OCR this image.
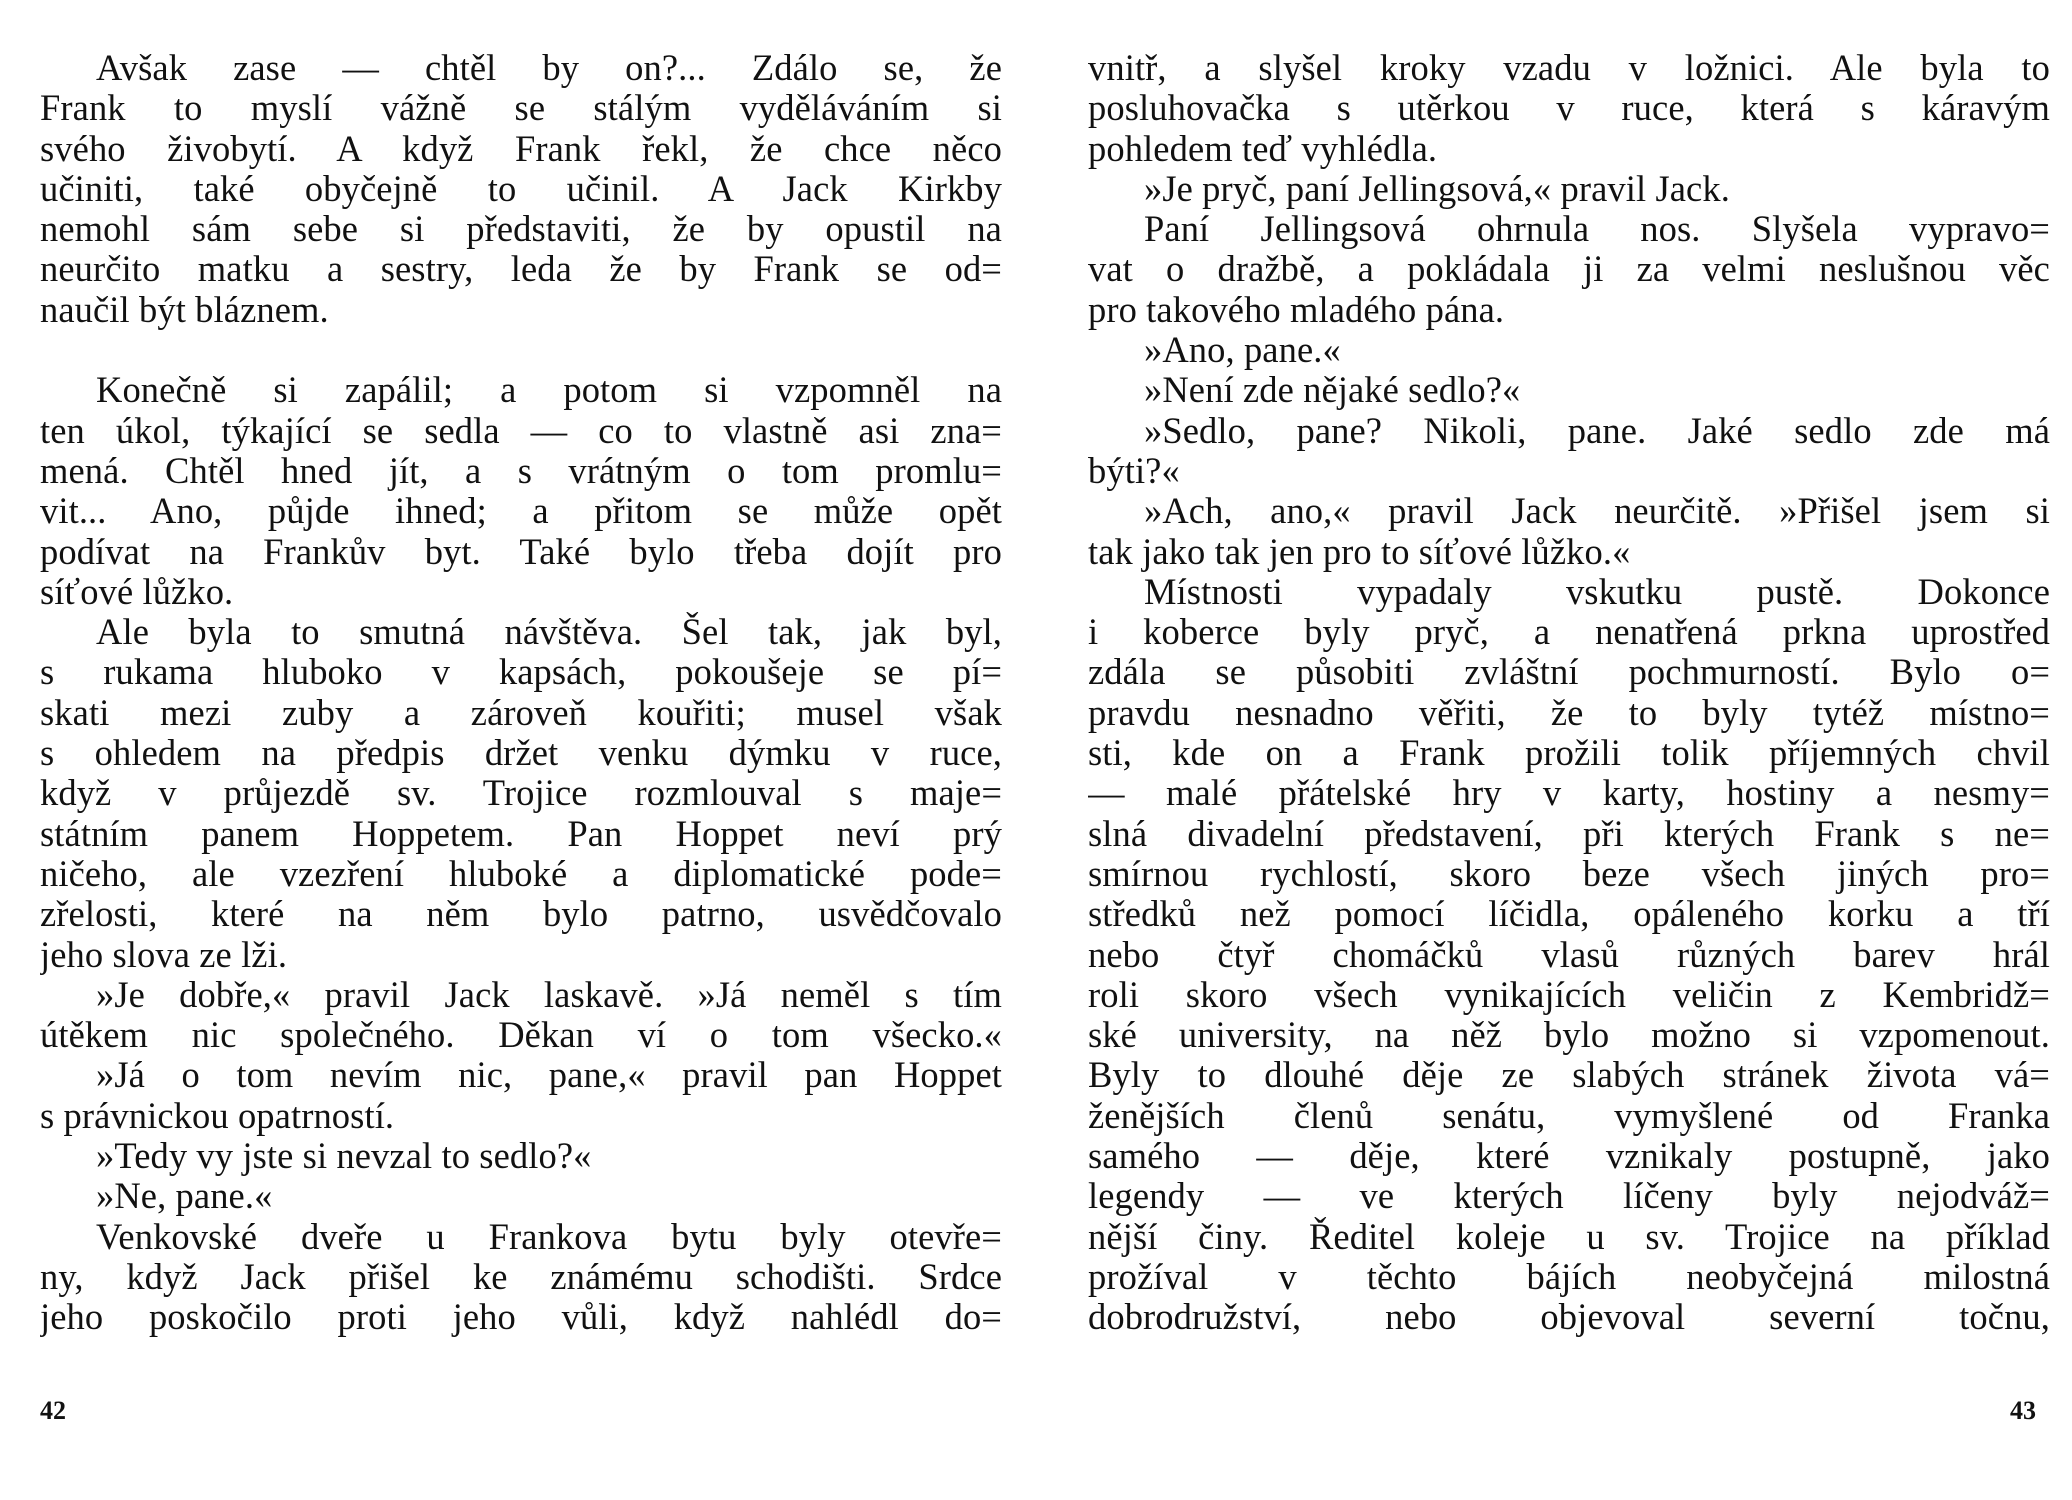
Avšak zase — chtěl by on?... Zdálo se, že
Frank to myslí vážně se stálým vyděláváním si
svého živobytí. A když Frank řekl, že chce něco
učiniti, také obyčejně to učinil. A Jack Kirkby
nemohl sám sebe si představiti, že by opustil na
neurčito matku a sestry, leda že by Frank se od=
naučil být bláznem.
Konečně si zapálil; a potom si vzpomněl na
ten úkol, týkající se sedla — co to vlastně asi zna=
mená. Chtěl hned jít, a s vrátným o tom promlu=
vit... Ano, půjde ihned; a přitom se může opět
podívat na Frankův byt. Také bylo třeba dojít pro
síťové lůžko.
Ale byla to smutná návštěva. Šel tak, jak byl,
s rukama hluboko v kapsách, pokoušeje se pí=
skati mezi zuby a zároveň kouřiti; musel však
s ohledem na předpis držet venku dýmku v ruce,
když v průjezdě sv. Trojice rozmlouval s maje=
státním panem Hoppetem. Pan Hoppet neví prý
ničeho, ale vzezření hluboké a diplomatické pode=
zřelosti, které na něm bylo patrno, usvědčovalo
jeho slova ze lži.
»Je dobře,« pravil Jack laskavě. »Já neměl s tím
útěkem nic společného. Děkan ví o tom všecko.«
»Já o tom nevím nic, pane,« pravil pan Hoppet
s právnickou opatrností.
»Tedy vy jste si nevzal to sedlo?«
»Ne, pane.«
Venkovské dveře u Frankova bytu byly otevře=
ny, když Jack přišel ke známému schodišti. Srdce
jeho poskočilo proti jeho vůli, když nahlédl do=
vnitř, a slyšel kroky vzadu v ložnici. Ale byla to
posluhovačka s utěrkou v ruce, která s káravým
pohledem teď vyhlédla.
»Je pryč, paní Jellingsová,« pravil Jack.
Paní Jellingsová ohrnula nos. Slyšela vypravo=
vat o dražbě, a pokládala ji za velmi neslušnou věc
pro takového mladého pána.
»Ano, pane.«
»Není zde nějaké sedlo?«
»Sedlo, pane? Nikoli, pane. Jaké sedlo zde má
býti?«
»Ach, ano,« pravil Jack neurčitě. »Přišel jsem si
tak jako tak jen pro to síťové lůžko.«
Místnosti vypadaly vskutku pustě. Dokonce
i koberce byly pryč, a nenatřená prkna uprostřed
zdála se působiti zvláštní pochmurností. Bylo o=
pravdu nesnadno věřiti, že to byly tytéž místno=
sti, kde on a Frank prožili tolik příjemných chvil
— malé přátelské hry v karty, hostiny a nesmy=
slná divadelní představení, při kterých Frank s ne=
smírnou rychlostí, skoro beze všech jiných pro=
středků než pomocí líčidla, opáleného korku a tří
nebo čtyř chomáčků vlasů různých barev hrál
roli skoro všech vynikajících veličin z Kembridž=
ské university, na něž bylo možno si vzpomenout.
Byly to dlouhé děje ze slabých stránek života vá=
ženějších členů senátu, vymyšlené od Franka
samého — děje, které vznikaly postupně, jako
legendy — ve kterých líčeny byly nejodváž=
nější činy. Ředitel koleje u sv. Trojice na příklad
prožíval v těchto bájích neobyčejná milostná
dobrodružství, nebo objevoval severní točnu,
42	43
